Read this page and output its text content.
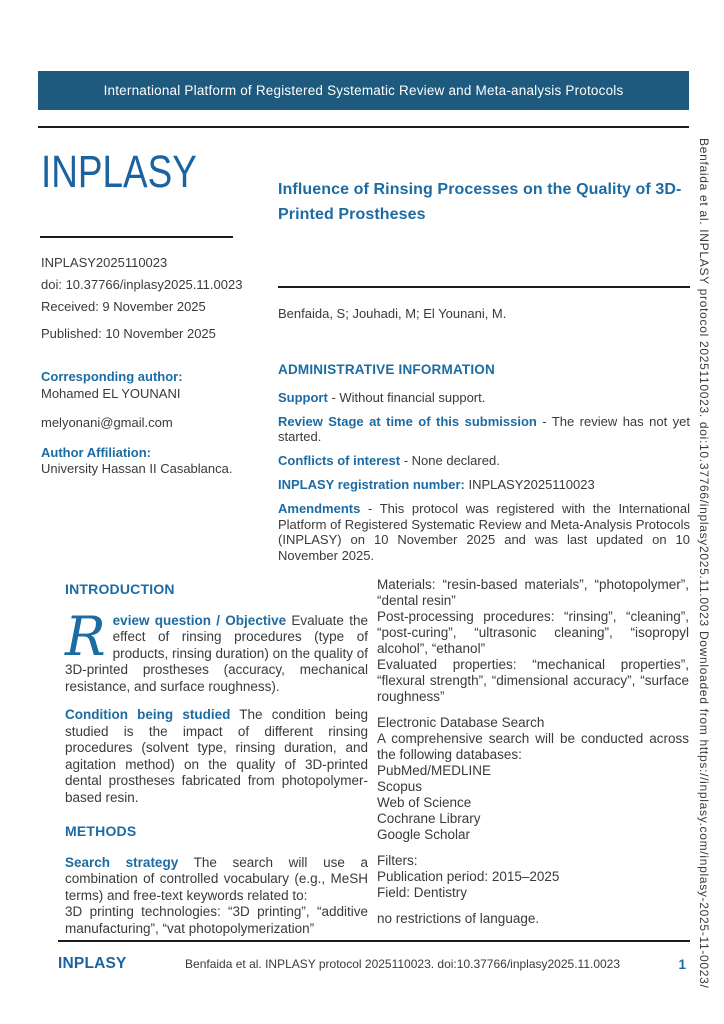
International Platform of Registered Systematic Review and Meta-analysis Protocols
INPLASY
INPLASY2025110023
doi: 10.37766/inplasy2025.11.0023
Received: 9 November 2025
Published: 10 November 2025
Corresponding author:
Mohamed EL YOUNANI
melyonani@gmail.com
Author Affiliation:
University Hassan II Casablanca.
Influence of Rinsing Processes on the Quality of 3D-Printed Prostheses
Benfaida, S; Jouhadi, M; El Younani, M.
ADMINISTRATIVE INFORMATION

Support - Without financial support.

Review Stage at time of this submission - The review has not yet started.

Conflicts of interest - None declared.

INPLASY registration number: INPLASY2025110023

Amendments - This protocol was registered with the International Platform of Registered Systematic Review and Meta-Analysis Protocols (INPLASY) on 10 November 2025 and was last updated on 10 November 2025.

INTRODUCTION

Review question / Objective Evaluate the effect of rinsing procedures (type of products, rinsing duration) on the quality of 3D-printed prostheses (accuracy, mechanical resistance, and surface roughness).

Condition being studied The condition being studied is the impact of different rinsing procedures (solvent type, rinsing duration, and agitation method) on the quality of 3D-printed dental prostheses fabricated from photopolymer-based resin.

METHODS

Search strategy The search will use a combination of controlled vocabulary (e.g., MeSH terms) and free-text keywords related to:

3D printing technologies: “3D printing”, “additive manufacturing”, “vat photopolymerization”

Materials: “resin-based materials”, “photopolymer”, “dental resin”

Post-processing procedures: “rinsing”, “cleaning”, “post-curing”, “ultrasonic cleaning”, “isopropyl alcohol”, “ethanol”

Evaluated properties: “mechanical properties”, “flexural strength”, “dimensional accuracy”, “surface roughness”

Electronic Database Search

A comprehensive search will be conducted across the following databases:

PubMed/MEDLINE

Scopus

Web of Science

Cochrane Library

Google Scholar

Filters:

Publication period: 2015–2025

Field: Dentistry

no restrictions of language.

INPLASY	Benfaida et al. INPLASY protocol 2025110023. doi:10.37766/inplasy2025.11.0023	1 Benfaida et al. INPLASY protocol 2025110023. doi:10.37766/inplasy2025.11.0023 Downloaded from https://inplasy.com/inplasy-2025-11-0023/
